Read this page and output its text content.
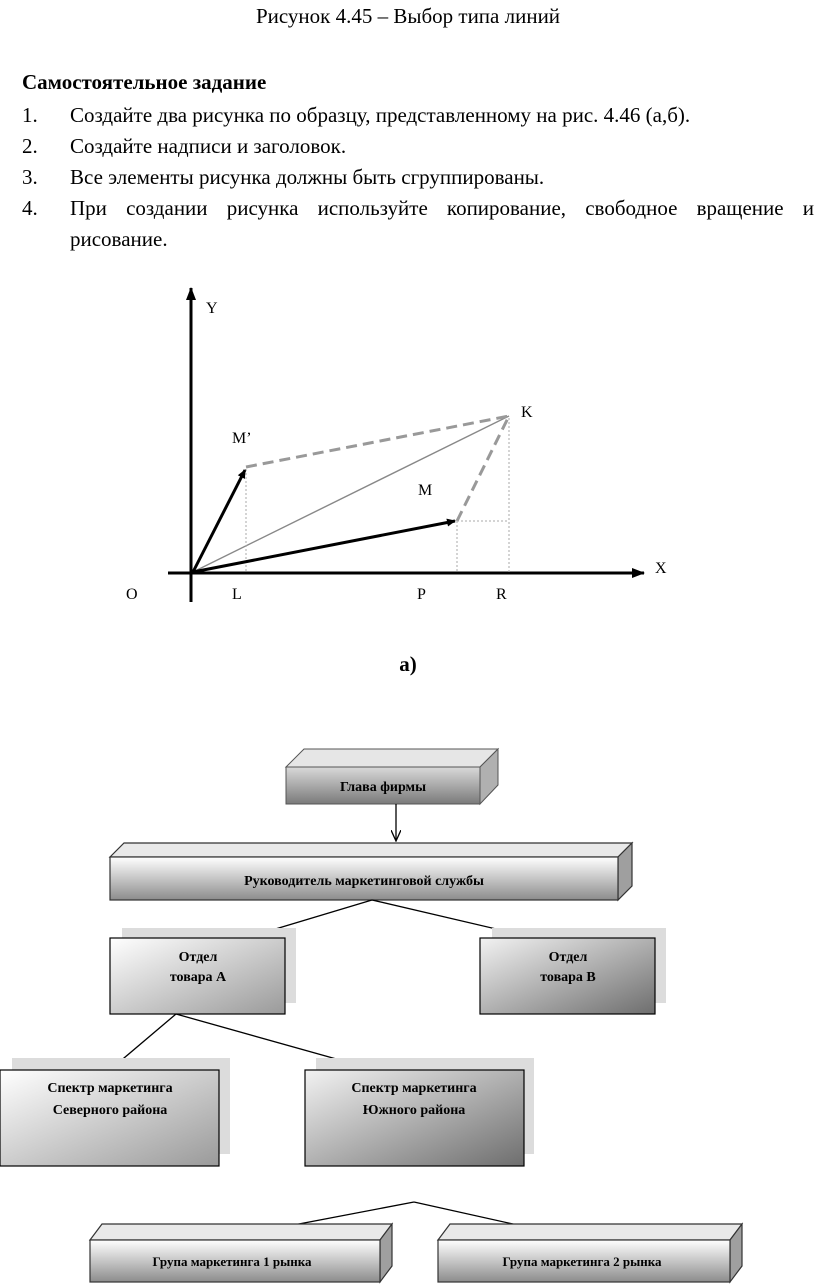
Рисунок 4.45 – Выбор типа линий
Самостоятельное задание
1.	Создайте два рисунка по образцу, представленному на рис. 4.46 (а,б).
2.	Создайте надписи и заголовок.
3.	Все элементы рисунка должны быть сгруппированы.
4.	При создании рисунка используйте копирование, свободное вращение и рисование.
Y
X
O	L	P	R
K
M
M’
а)
Глава фирмы
Руководитель маркетинговой службы
Отдел
товара А
Отдел
товара В
Спектр маркетинга
Северного района
Спектр маркетинга
Южного района
Група маркетинга 1 рынка	Група маркетинга 2 рынка
